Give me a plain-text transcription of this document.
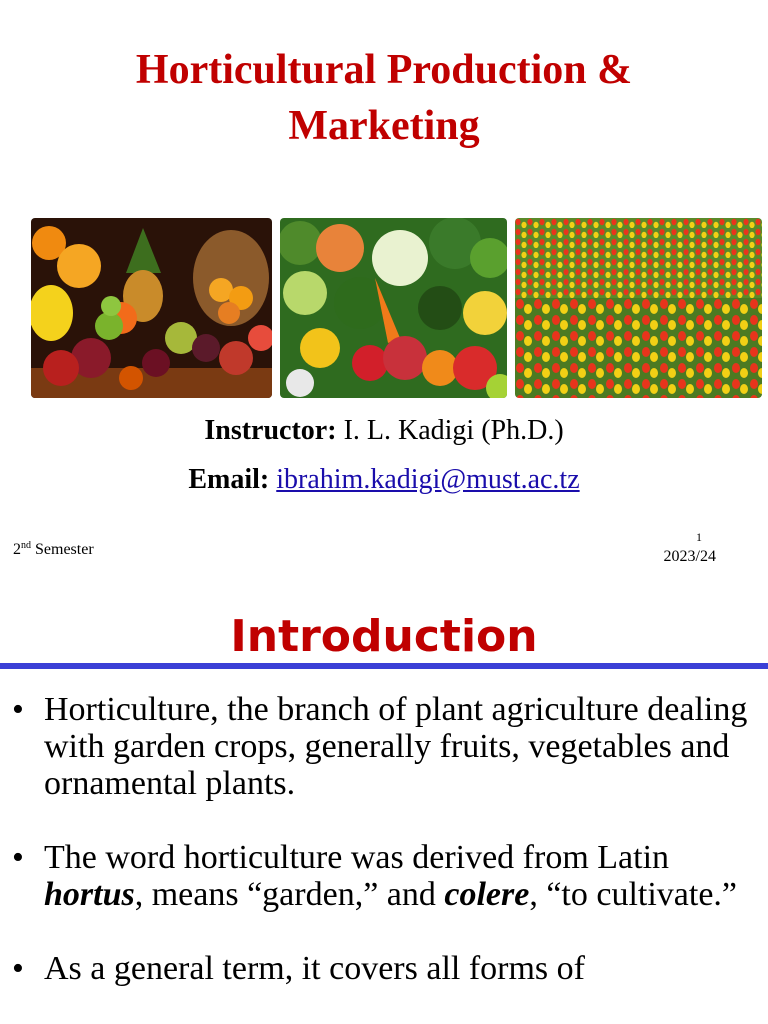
Horticultural Production &
Marketing
Instructor: I. L. Kadigi (Ph.D.)
Email: ibrahim.kadigi@must.ac.tz
2nd Semester
1
2023/24
Introduction
• Horticulture, the branch of plant agriculture dealing with garden crops, generally fruits, vegetables and ornamental plants.
• The word horticulture was derived from Latin hortus, means “garden,” and colere, “to cultivate.”
• As a general term, it covers all forms of
